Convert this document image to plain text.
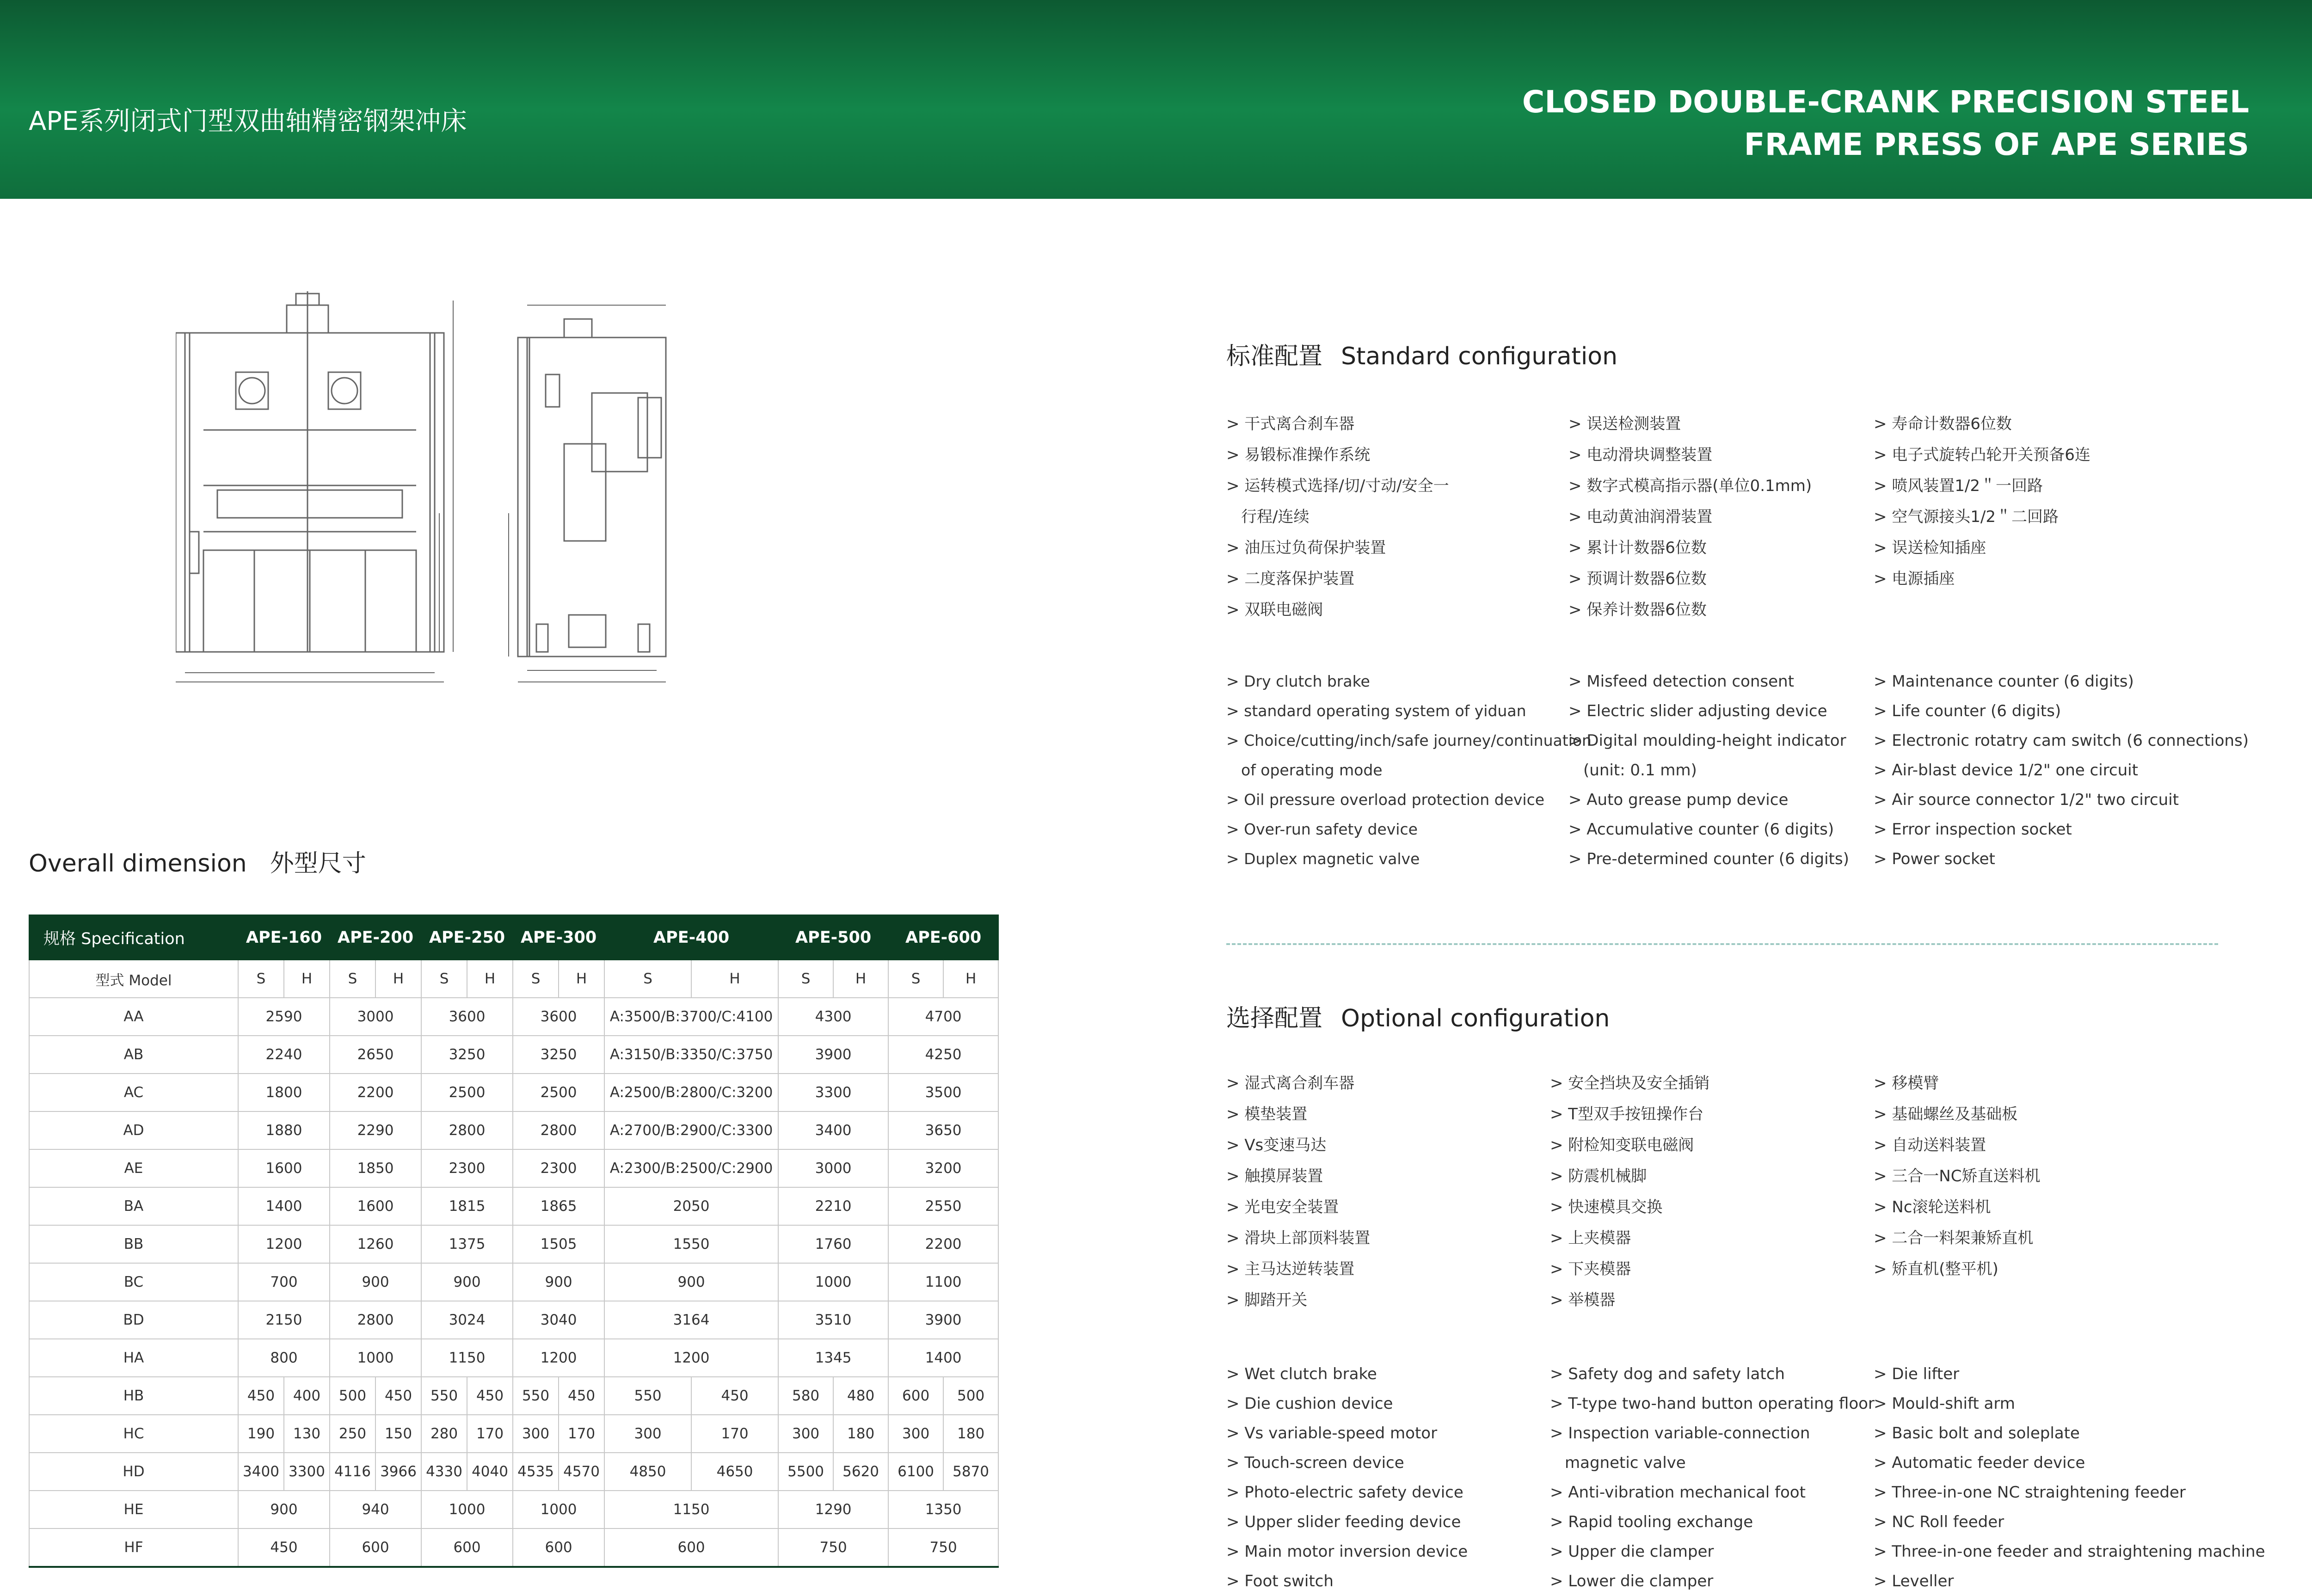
APE系列闭式门型双曲轴精密钢架冲床
CLOSED DOUBLE-CRANK PRECISION STEEL
FRAME PRESS OF APE SERIES
Overall dimension 外型尺寸
规格 Specification	APE-160		APE-200		APE-250		APE-300		APE-400		APE-500		APE-600	
型式 Model	S	H	S	H	S	H	S	H	S	H	S	H	S	H
AA	2590		3000		3600		3600		A:3500/B:3700/C:4100		4300		4700	
AB	2240		2650		3250		3250		A:3150/B:3350/C:3750		3900		4250	
AC	1800		2200		2500		2500		A:2500/B:2800/C:3200		3300		3500	
AD	1880		2290		2800		2800		A:2700/B:2900/C:3300		3400		3650	
AE	1600		1850		2300		2300		A:2300/B:2500/C:2900		3000		3200	
BA	1400		1600		1815		1865		2050		2210		2550	
BB	1200		1260		1375		1505		1550		1760		2200	
BC	700		900		900		900		900		1000		1100	
BD	2150		2800		3024		3040		3164		3510		3900	
HA	800		1000		1150		1200		1200		1345		1400	
HB	450	400	500	450	550	450	550	450	550	450	580	480	600	500
HC	190	130	250	150	280	170	300	170	300	170	300	180	300	180
HD	3400	3300	4116	3966	4330	4040	4535	4570	4850	4650	5500	5620	6100	5870
HE	900		940		1000		1000		1150		1290		1350	
HF	450		600		600		600		600		750		750	
标准配置 Standard configuration
> 干式离合刹车器
> 易锻标准操作系统
> 运转模式选择/切/寸动/安全一
行程/连续
> 油压过负荷保护装置
> 二度落保护装置
> 双联电磁阀
> 误送检测装置
> 电动滑块调整装置
> 数字式模高指示器(单位0.1mm)
> 电动黄油润滑装置
> 累计计数器6位数
> 预调计数器6位数
> 保养计数器6位数
> 寿命计数器6位数
> 电子式旋转凸轮开关预备6连
> 喷风装置1/2＂一回路
> 空气源接头1/2＂二回路
> 误送检知插座
> 电源插座
> Dry clutch brake
> standard operating system of yiduan
> Choice/cutting/inch/safe journey/continuation
of operating mode
> Oil pressure overload protection device
> Over-run safety device
> Duplex magnetic valve
> Misfeed detection consent
> Electric slider adjusting device
> Digital moulding-height indicator
(unit: 0.1 mm)
> Auto grease pump device
> Accumulative counter (6 digits)
> Pre-determined counter (6 digits)
> Maintenance counter (6 digits)
> Life counter (6 digits)
> Electronic rotatry cam switch (6 connections)
> Air-blast device 1/2" one circuit
> Air source connector 1/2" two circuit
> Error inspection socket
> Power socket
选择配置 Optional configuration
> 湿式离合刹车器
> 模垫装置
> Vs变速马达
> 触摸屏装置
> 光电安全装置
> 滑块上部顶料装置
> 主马达逆转装置
> 脚踏开关
> 安全挡块及安全插销
> T型双手按钮操作台
> 附检知变联电磁阀
> 防震机械脚
> 快速模具交换
> 上夹模器
> 下夹模器
> 举模器
> 移模臂
> 基础螺丝及基础板
> 自动送料装置
> 三合一NC矫直送料机
> Nc滚轮送料机
> 二合一料架兼矫直机
> 矫直机(整平机)
> Wet clutch brake
> Die cushion device
> Vs variable-speed motor
> Touch-screen device
> Photo-electric safety device
> Upper slider feeding device
> Main motor inversion device
> Foot switch
> Safety dog and safety latch
> T-type two-hand button operating floor
> Inspection variable-connection
magnetic valve
> Anti-vibration mechanical foot
> Rapid tooling exchange
> Upper die clamper
> Lower die clamper
> Die lifter
> Mould-shift arm
> Basic bolt and soleplate
> Automatic feeder device
> Three-in-one NC straightening feeder
> NC Roll feeder
> Three-in-one feeder and straightening machine
> Leveller
